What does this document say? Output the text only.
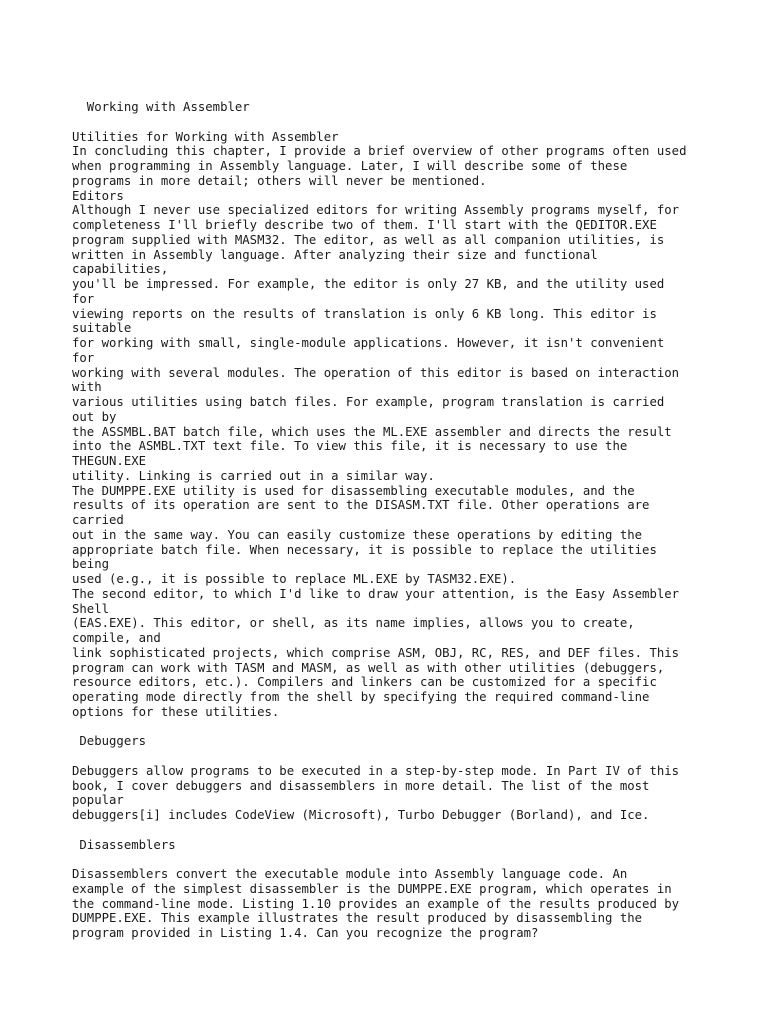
Working with Assembler

Utilities for Working with Assembler
In concluding this chapter, I provide a brief overview of other programs often used
when programming in Assembly language. Later, I will describe some of these
programs in more detail; others will never be mentioned.
Editors
Although I never use specialized editors for writing Assembly programs myself, for
completeness I'll briefly describe two of them. I'll start with the QEDITOR.EXE
program supplied with MASM32. The editor, as well as all companion utilities, is
written in Assembly language. After analyzing their size and functional
capabilities,
you'll be impressed. For example, the editor is only 27 KB, and the utility used
for
viewing reports on the results of translation is only 6 KB long. This editor is
suitable
for working with small, single-module applications. However, it isn't convenient
for
working with several modules. The operation of this editor is based on interaction
with
various utilities using batch files. For example, program translation is carried
out by
the ASSMBL.BAT batch file, which uses the ML.EXE assembler and directs the result
into the ASMBL.TXT text file. To view this file, it is necessary to use the
THEGUN.EXE
utility. Linking is carried out in a similar way.
The DUMPPE.EXE utility is used for disassembling executable modules, and the
results of its operation are sent to the DISASM.TXT file. Other operations are
carried
out in the same way. You can easily customize these operations by editing the
appropriate batch file. When necessary, it is possible to replace the utilities
being
used (e.g., it is possible to replace ML.EXE by TASM32.EXE).
The second editor, to which I'd like to draw your attention, is the Easy Assembler
Shell
(EAS.EXE). This editor, or shell, as its name implies, allows you to create,
compile, and
link sophisticated projects, which comprise ASM, OBJ, RC, RES, and DEF files. This
program can work with TASM and MASM, as well as with other utilities (debuggers,
resource editors, etc.). Compilers and linkers can be customized for a specific
operating mode directly from the shell by specifying the required command-line
options for these utilities.

Debuggers

Debuggers allow programs to be executed in a step-by-step mode. In Part IV of this
book, I cover debuggers and disassemblers in more detail. The list of the most
popular
debuggers[i] includes CodeView (Microsoft), Turbo Debugger (Borland), and Ice.

Disassemblers

Disassemblers convert the executable module into Assembly language code. An
example of the simplest disassembler is the DUMPPE.EXE program, which operates in
the command-line mode. Listing 1.10 provides an example of the results produced by
DUMPPE.EXE. This example illustrates the result produced by disassembling the
program provided in Listing 1.4. Can you recognize the program?
